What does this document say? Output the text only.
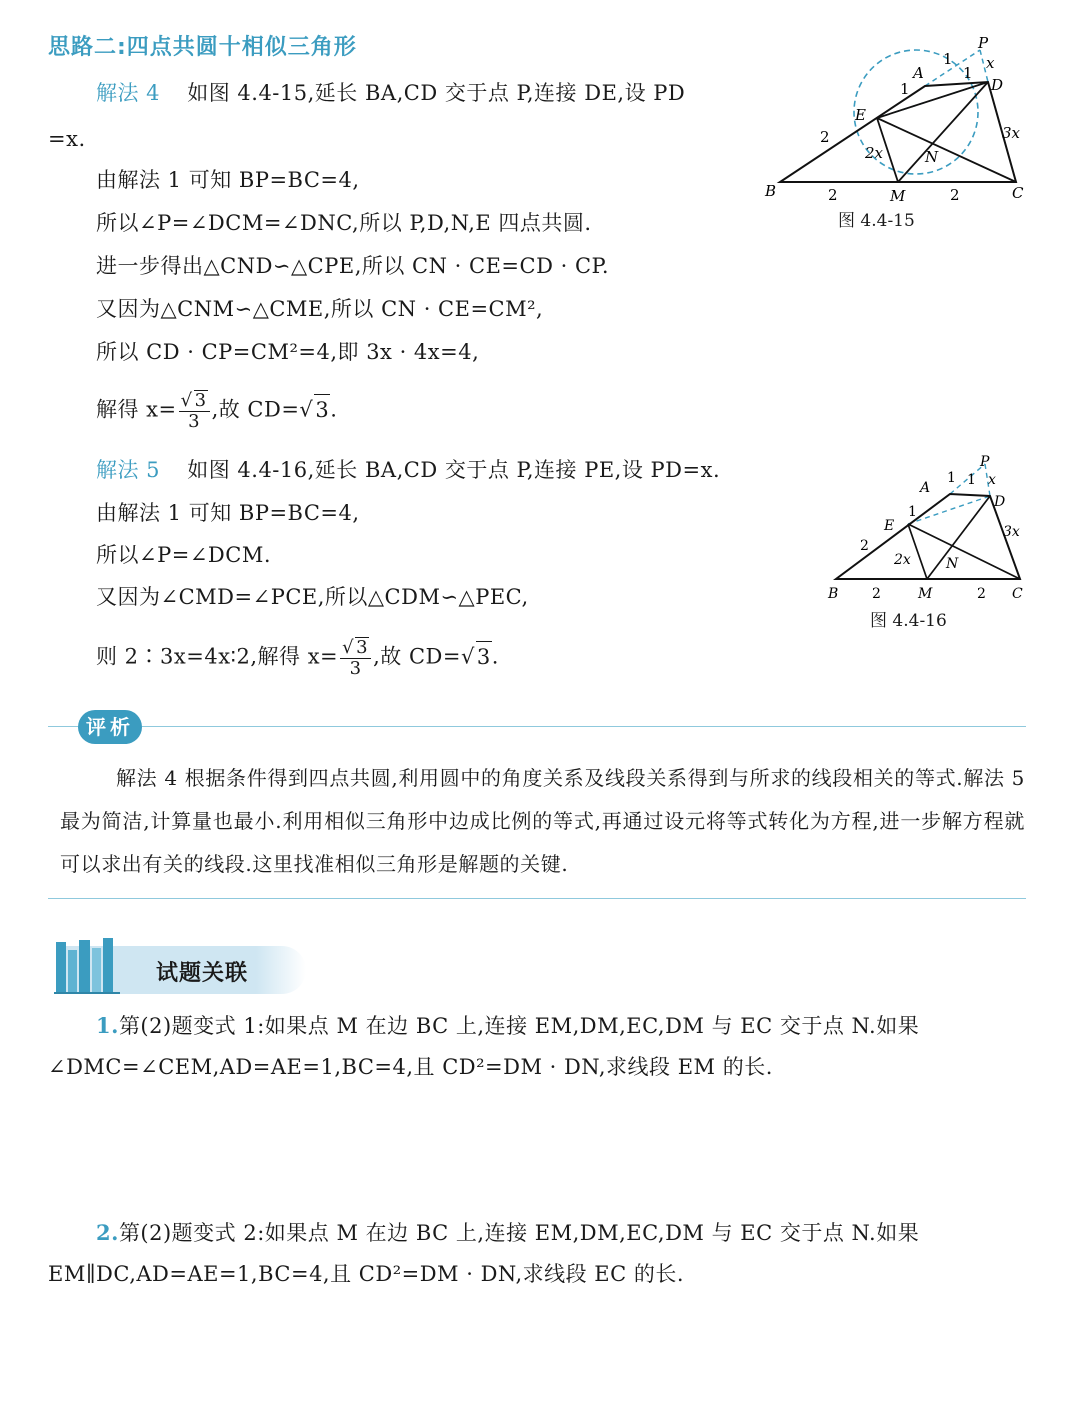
思路二:四点共圆十相似三角形
解法 4 如图 4.4-15,延长 BA,CD 交于点 P,连接 DE,设 PD
=x.
由解法 1 可知 BP=BC=4,
所以∠P=∠DCM=∠DNC,所以 P,D,N,E 四点共圆.
进一步得出△CND∽△CPE,所以 CN · CE=CD · CP.
又因为△CNM∽△CME,所以 CN · CE=CM²,
所以 CD · CP=CM²=4,即 3x · 4x=4,
解得 $x= \frac{√ 3}{3}$ ,故 CD=√3.
P
A
D
E
N
B	M	C
1
1
1
x
2
2x
3x
2	2
图 4.4-15
解法 5 如图 4.4-16,延长 BA,CD 交于点 P,连接 PE,设 PD=x.
由解法 1 可知 BP=BC=4,
所以∠P=∠DCM.
又因为∠CMD=∠PCE,所以△CDM∽△PEC,
则 2∶3x=4x∶2,解得 $x= \frac{√ 3}{3}$ ,故 CD=√3.
P
A
D
E
N
B	M	C
1
1
1 x
2
2x
3x
2	2
图 4.4-16
评析
解法 4 根据条件得到四点共圆,利用圆中的角度关系及线段关系得到与所求的线段相关的等式.解法 5 最为简洁,计算量也最小.利用相似三角形中边成比例的等式,再通过设元将等式转化为方程,进一步解方程就可以求出有关的线段.这里找准相似三角形是解题的关键.
试题关联
1.第(2)题变式 1:如果点 M 在边 BC 上,连接 EM,DM,EC,DM 与 EC 交于点 N.如果
∠DMC=∠CEM,AD=AE=1,BC=4,且 CD²=DM · DN,求线段 EM 的长.
2.第(2)题变式 2:如果点 M 在边 BC 上,连接 EM,DM,EC,DM 与 EC 交于点 N.如果
EM∥DC,AD=AE=1,BC=4,且 CD²=DM · DN,求线段 EC 的长.
